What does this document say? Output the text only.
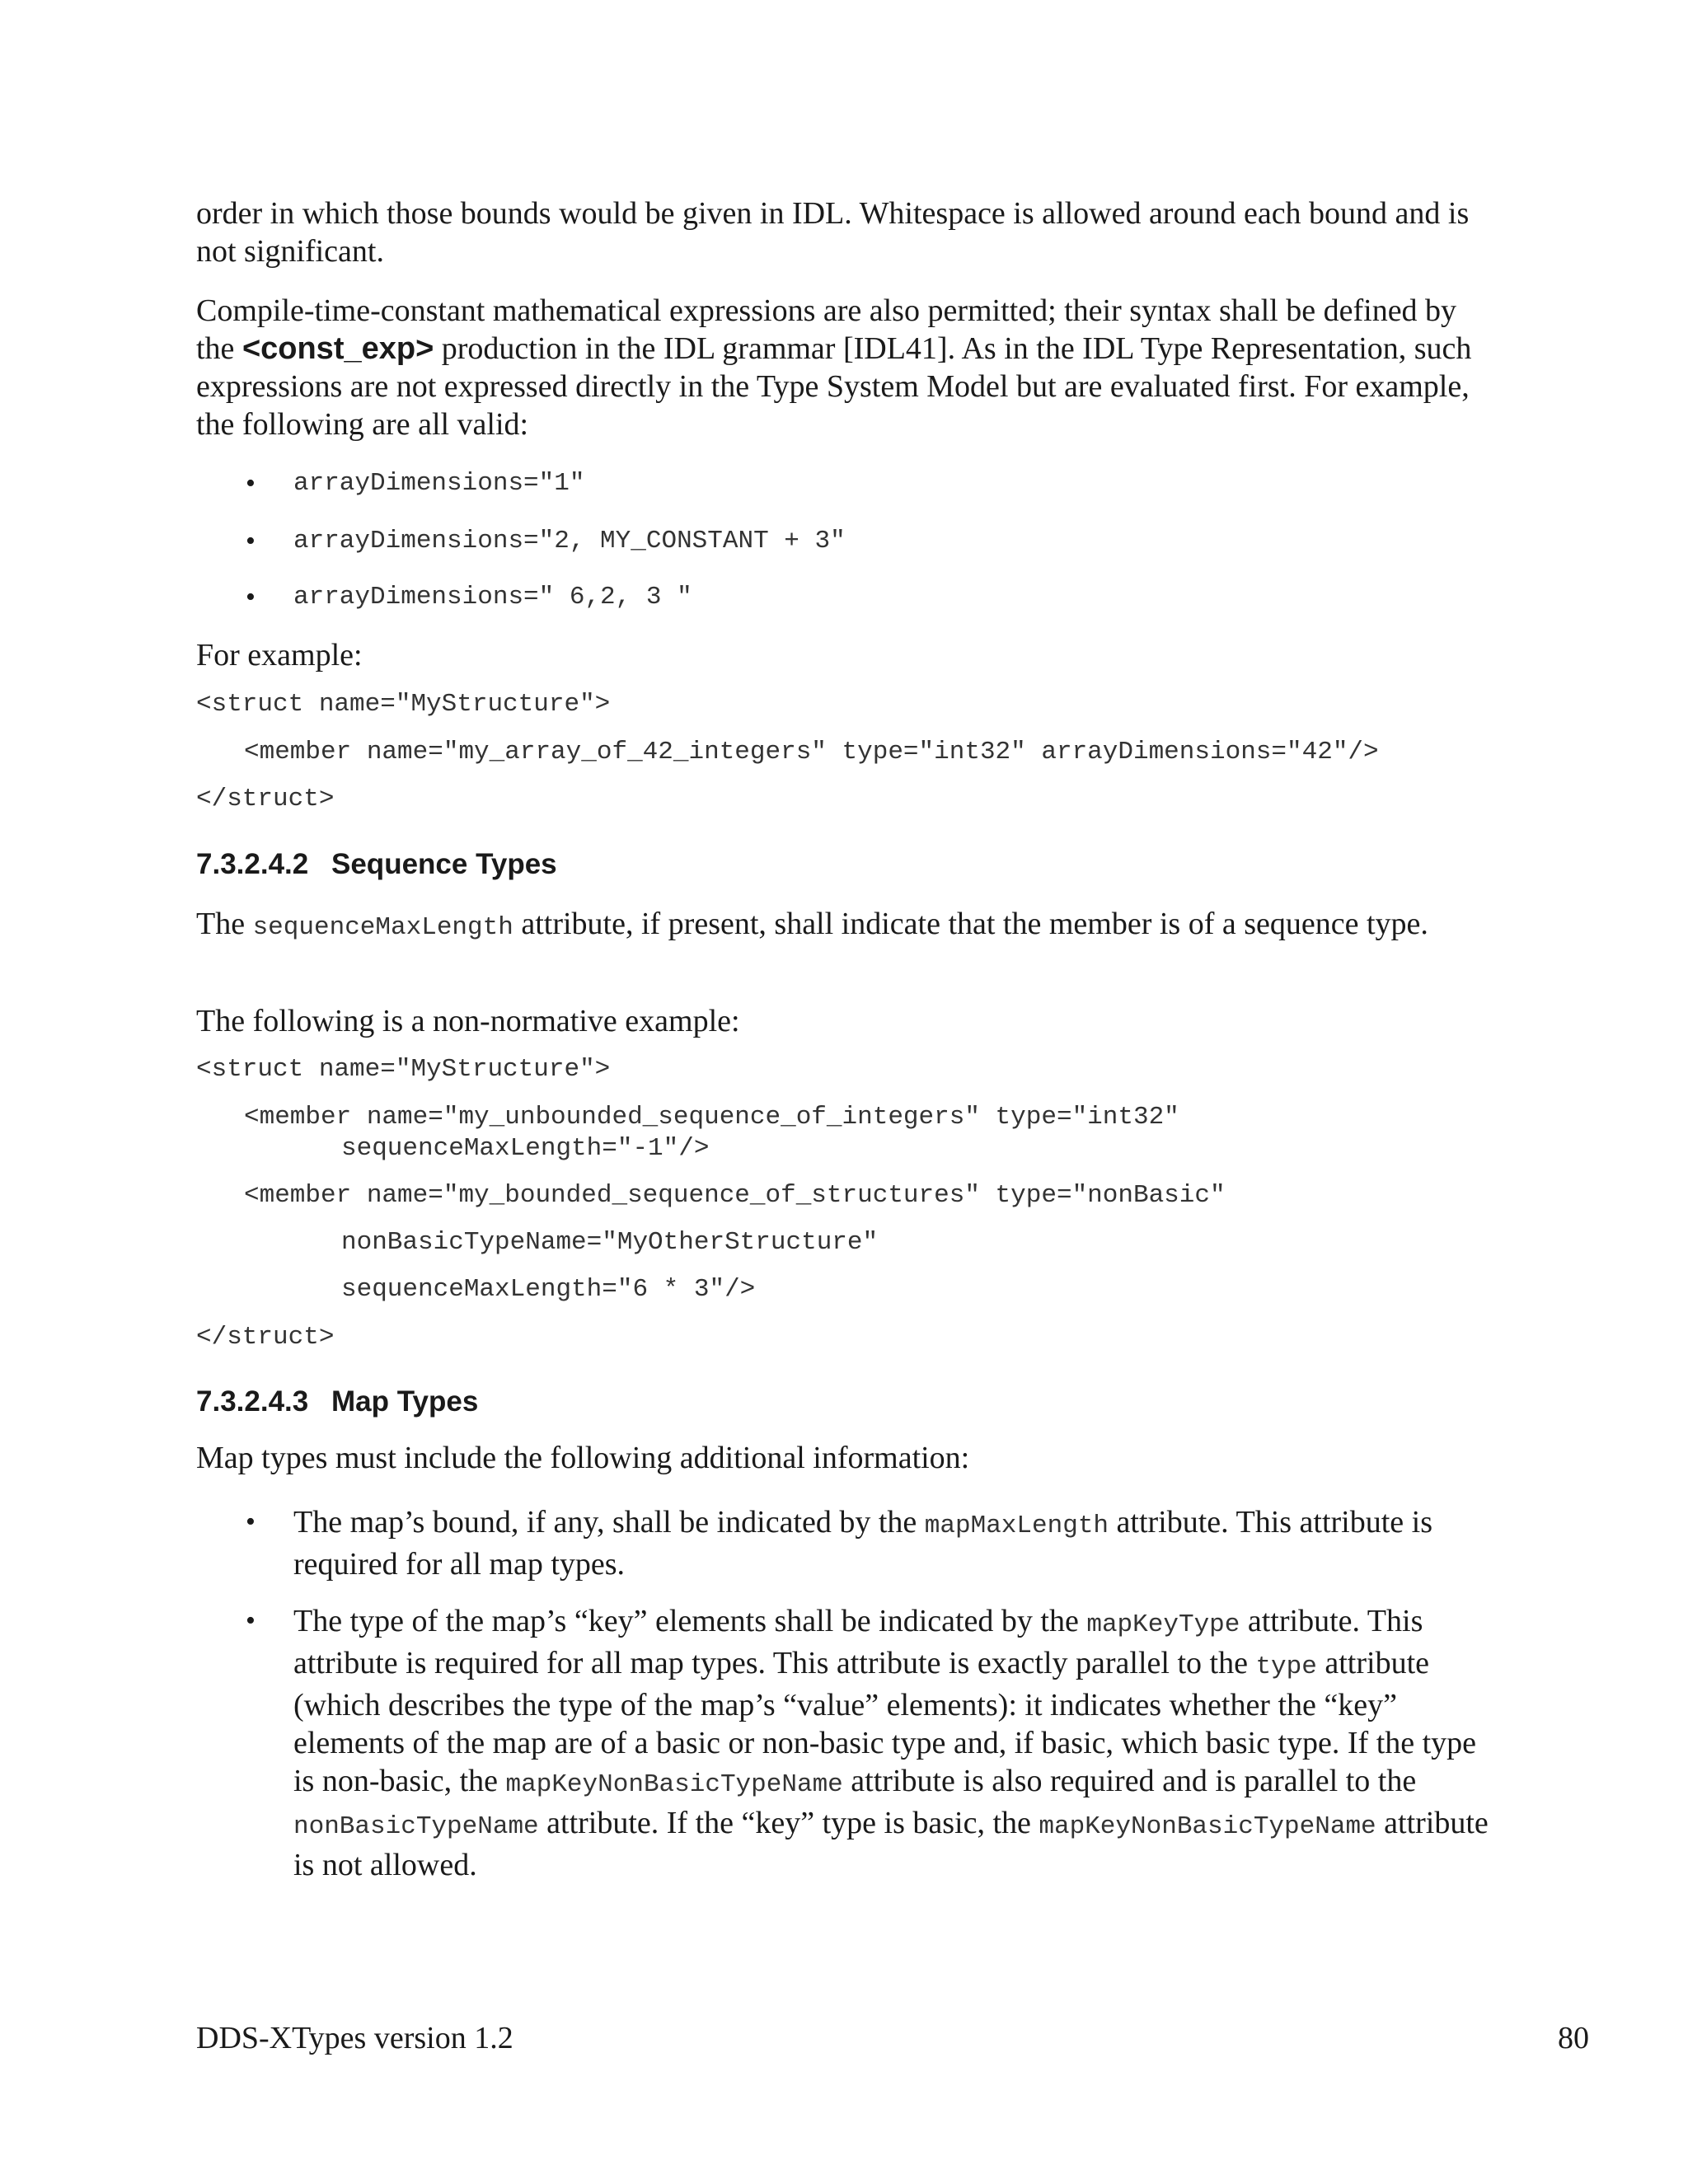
order in which those bounds would be given in IDL. Whitespace is allowed around each bound and is not significant.

Compile-time-constant mathematical expressions are also permitted; their syntax shall be defined by the <const_exp> production in the IDL grammar [IDL41]. As in the IDL Type Representation, such expressions are not expressed directly in the Type System Model but are evaluated first. For example, the following are all valid:

• arrayDimensions="1"

• arrayDimensions="2, MY_CONSTANT + 3"

• arrayDimensions=" 6,2, 3 "

For example:

<struct name="MyStructure">

<member name="my_array_of_42_integers" type="int32" arrayDimensions="42"/>

</struct>

7.3.2.4.2 Sequence Types

The sequenceMaxLength attribute, if present, shall indicate that the member is of a sequence type.

The following is a non-normative example:

<struct name="MyStructure">

<member name="my_unbounded_sequence_of_integers" type="int32"

sequenceMaxLength="-1"/>

<member name="my_bounded_sequence_of_structures" type="nonBasic"

nonBasicTypeName="MyOtherStructure"

sequenceMaxLength="6 * 3"/>

</struct>

7.3.2.4.3 Map Types

Map types must include the following additional information:

• The map’s bound, if any, shall be indicated by the mapMaxLength attribute. This attribute is required for all map types.

• The type of the map’s “key” elements shall be indicated by the mapKeyType attribute. This attribute is required for all map types. This attribute is exactly parallel to the type attribute (which describes the type of the map’s “value” elements): it indicates whether the “key” elements of the map are of a basic or non-basic type and, if basic, which basic type. If the type is non-basic, the mapKeyNonBasicTypeName attribute is also required and is parallel to the nonBasicTypeName attribute. If the “key” type is basic, the mapKeyNonBasicTypeName attribute is not allowed.

DDS-XTypes version 1.2	80
